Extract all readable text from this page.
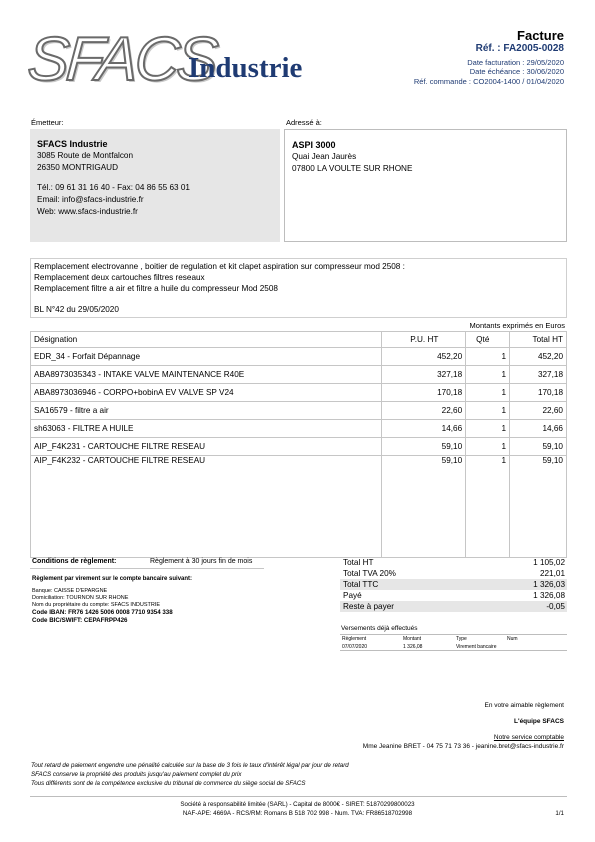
SFACS
Industrie
Facture
Réf. : FA2005-0028
Date facturation : 29/05/2020
Date échéance : 30/06/2020
Réf. commande : CO2004-1400 / 01/04/2020
Émetteur:	Adressé à:
SFACS Industrie
3085 Route de Montfalcon
26350 MONTRIGAUD
Tél.: 09 61 31 16 40 - Fax: 04 86 55 63 01
Email: info@sfacs-industrie.fr
Web: www.sfacs-industrie.fr
ASPI 3000
Quai Jean Jaurès
07800 LA VOULTE SUR RHONE
Remplacement electrovanne , boitier de regulation et kit clapet aspiration sur compresseur mod 2508 :
Remplacement deux cartouches filtres reseaux
Remplacement filtre a air et filtre a huile du compresseur Mod 2508
BL N°42 du 29/05/2020
Montants exprimés en Euros
Désignation	P.U. HT	Qté	Total HT
EDR_34 - Forfait Dépannage	452,20	1	452,20
ABA8973035343 - INTAKE VALVE MAINTENANCE R40E	327,18	1	327,18
ABA8973036946 - CORPO+bobinA EV VALVE SP V24	170,18	1	170,18
SA16579 - filtre a air	22,60	1	22,60
sh63063 - FILTRE A HUILE	14,66	1	14,66
AIP_F4K231 - CARTOUCHE FILTRE RESEAU	59,10	1	59,10
AIP_F4K232 - CARTOUCHE FILTRE RESEAU	59,10	1	59,10
Conditions de règlement:	Règlement à 30 jours fin de mois
Règlement par virement sur le compte bancaire suivant:
Banque: CAISSE D'EPARGNE
Domiciliation: TOURNON SUR RHONE
Nom du propriétaire du compte: SFACS INDUSTRIE
Code IBAN: FR76 1426 5006 0008 7710 9354 338
Code BIC/SWIFT: CEPAFRPP426
Total HT	1 105,02
Total TVA 20%	221,01
Total TTC	1 326,03
Payé	1 326,08
Reste à payer	-0,05
Versements déjà effectués
Règlement	Montant	Type	Num
07/07/2020	1 326,08	Virement bancaire
En votre aimable règlement
L'équipe SFACS
Notre service comptable
Mme Jeanine BRET - 04 75 71 73 36 - jeanine.bret@sfacs-industrie.fr
Tout retard de paiement engendre une pénalité calculée sur la base de 3 fois le taux d'intérêt légal par jour de retard
SFACS conserve la propriété des produits jusqu'au paiement complet du prix
Tous différents sont de la compétence exclusive du tribunal de commerce du siège social de SFACS
Société à responsabilité limitée (SARL) - Capital de 8000€ - SIRET: 51870299800023
NAF-APE: 4669A - RCS/RM: Romans B 518 702 998 - Num. TVA: FR86518702998	1/1
